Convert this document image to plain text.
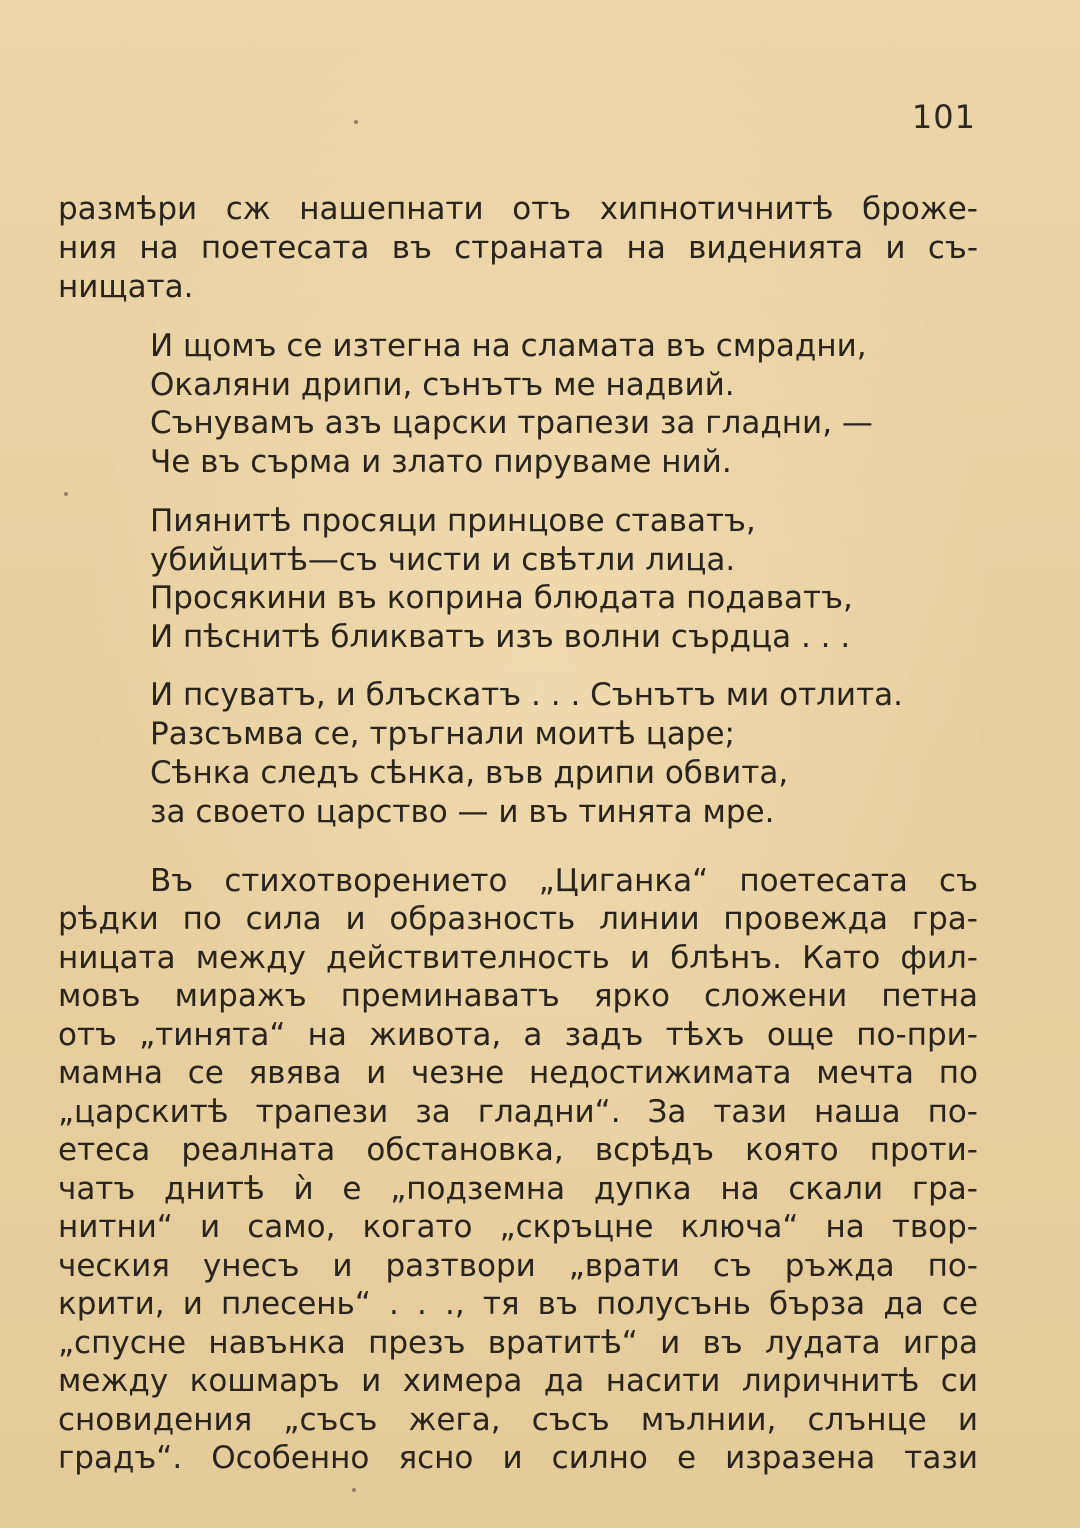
101
размѣри сж нашепнати отъ хипнотичнитѣ броже-
ния на поетесата въ страната на виденията и съ-
нищата.
И щомъ се изтегна на сламата въ смрадни,
Окаляни дрипи, сънътъ ме надвий.
Сънувамъ азъ царски трапези за гладни, —
Че въ сърма и злато пируваме ний.
Пиянитѣ просяци принцове ставатъ,
убийцитѣ—съ чисти и свѣтли лица.
Просякини въ коприна блюдата подаватъ,
И пѣснитѣ бликватъ изъ волни сърдца . . .
И псуватъ, и блъскатъ . . . Сънътъ ми отлита.
Разсъмва се, тръгнали моитѣ царе;
Сѣнка следъ сѣнка, във дрипи обвита,
за своето царство — и въ тинята мре.
Въ стихотворението „Циганка“ поетесата съ
рѣдки по сила и образность линии провежда гра-
ницата между действителность и блѣнъ. Като фил-
мовъ миражъ преминаватъ ярко сложени петна
отъ „тинята“ на живота, а задъ тѣхъ още по-при-
мамна се явява и чезне недостижимата мечта по
„царскитѣ трапези за гладни“. За тази наша по-
етеса реалната обстановка, всрѣдъ която проти-
чатъ днитѣ ѝ е „подземна дупка на скали гра-
нитни“ и само, когато „скръцне ключа“ на твор-
ческия унесъ и разтвори „врати съ ръжда по-
крити, и плесень“ . . ., тя въ полусънь бърза да се
„спусне навънка презъ вратитѣ“ и въ лудата игра
между кошмаръ и химера да насити лиричнитѣ си
сновидения „съсъ жега, съсъ мълнии, слънце и
градъ“. Особенно ясно и силно е изразена тази
